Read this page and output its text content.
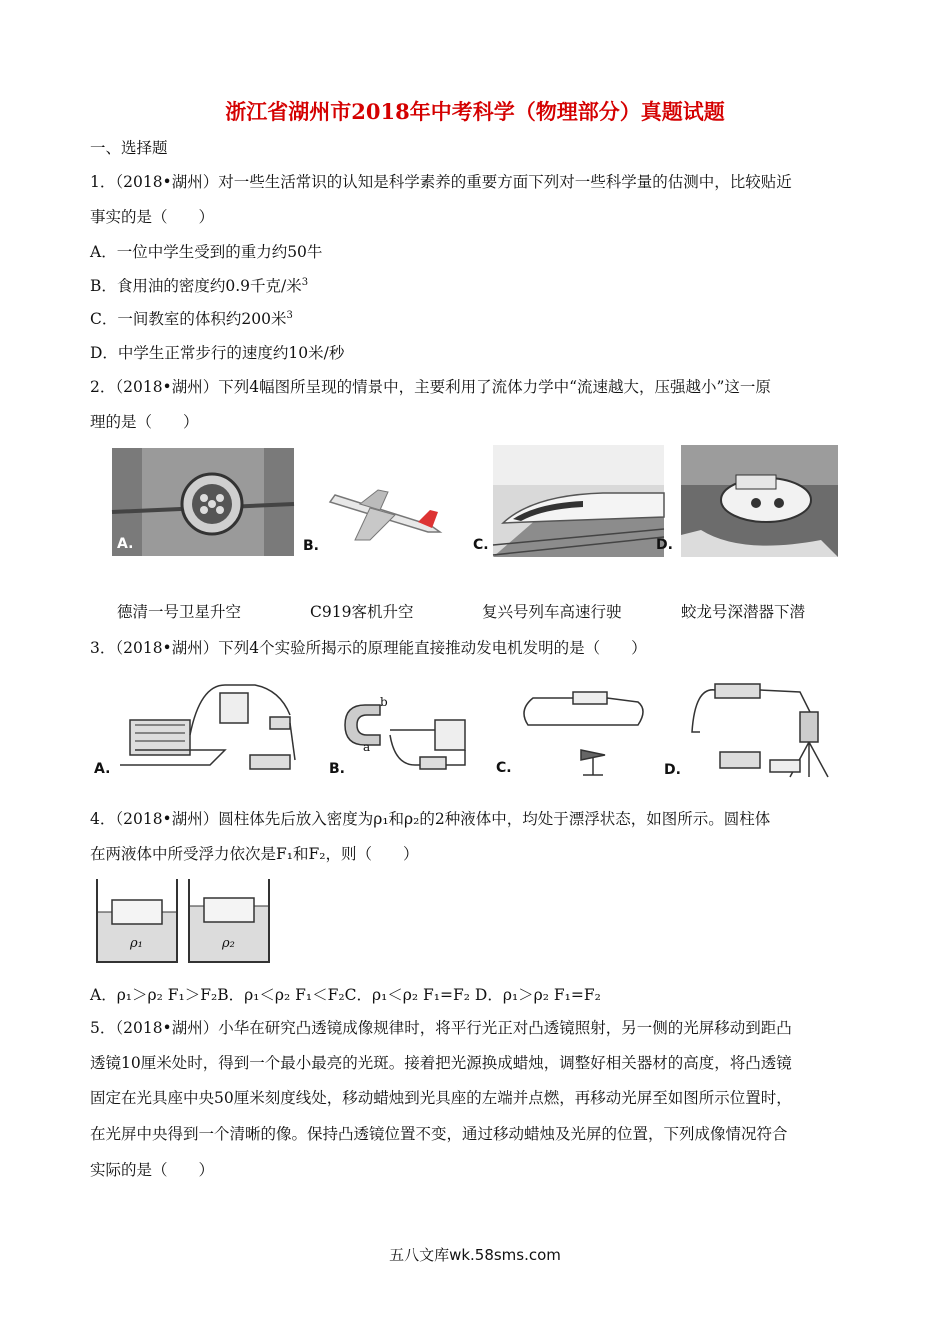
浙江省湖州市2018年中考科学（物理部分）真题试题

一、选择题

1．（2018•湖州）对一些生活常识的认知是科学素养的重要方面下列对一些科学量的估测中，比较贴近

事实的是（　　）

A．一位中学生受到的重力约50牛

B．食用油的密度约0.9千克/米$^3$

C．一间教室的体积约200米$^3$

D．中学生正常步行的速度约10米/秒

2．（2018•湖州）下列4幅图所呈现的情景中，主要利用了流体力学中“流速越大，压强越小”这一原

理的是（　　）

A.	B.	C.	D.
德清一号卫星升空	C919客机升空	复兴号列车高速行驶	蛟龙号深潜器下潜

3．（2018•湖州）下列4个实验所揭示的原理能直接推动发电机发明的是（　　）

A.
b
a
B.	C.	D.

4．（2018•湖州）圆柱体先后放入密度为ρ₁和ρ₂的2种液体中，均处于漂浮状态，如图所示。圆柱体

在两液体中所受浮力依次是F₁和F₂，则（　　）

ρ₁	ρ₂

A．ρ₁＞ρ₂ F₁＞F₂B．ρ₁＜ρ₂ F₁＜F₂C．ρ₁＜ρ₂ F₁=F₂ D．ρ₁＞ρ₂ F₁=F₂

5．（2018•湖州）小华在研究凸透镜成像规律时，将平行光正对凸透镜照射，另一侧的光屏移动到距凸

透镜10厘米处时，得到一个最小最亮的光斑。接着把光源换成蜡烛，调整好相关器材的高度，将凸透镜

固定在光具座中央50厘米刻度线处，移动蜡烛到光具座的左端并点燃，再移动光屏至如图所示位置时，

在光屏中央得到一个清晰的像。保持凸透镜位置不变，通过移动蜡烛及光屏的位置，下列成像情况符合

实际的是（　　）

五八文库wk.58sms.com
